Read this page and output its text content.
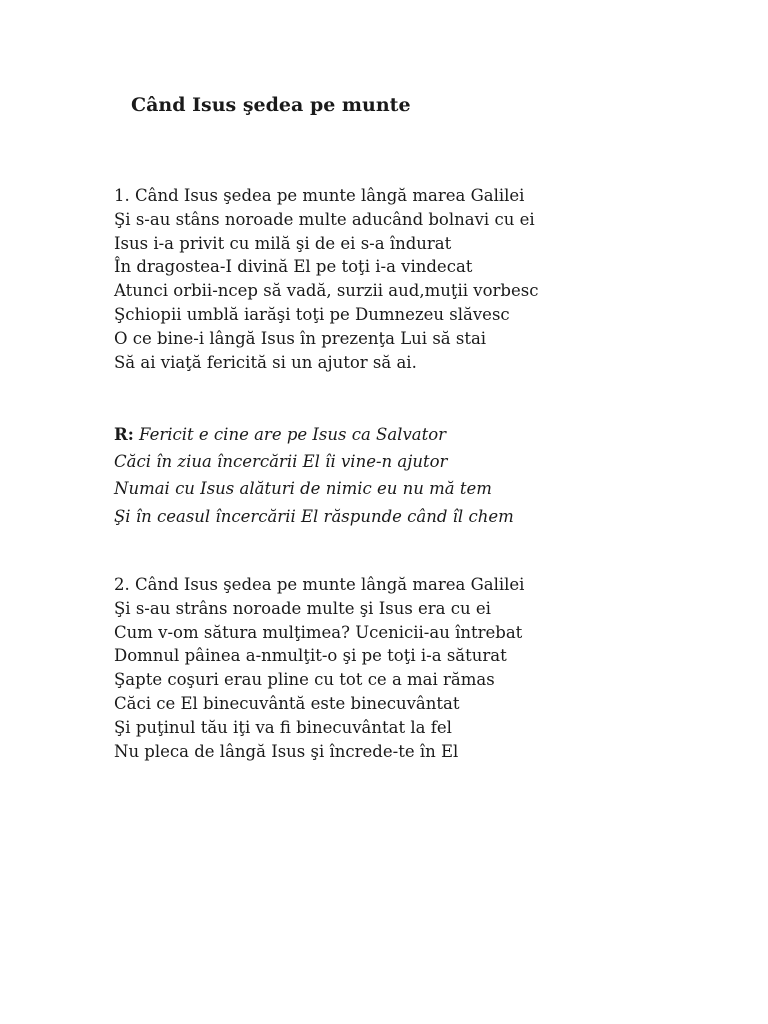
Când Isus şedea pe munte
1. Când Isus şedea pe munte lângă marea Galilei
Şi s-au stâns noroade multe aducând bolnavi cu ei
Isus i-a privit cu milă şi de ei s-a îndurat
În dragostea-I divină El pe toţi i-a vindecat
Atunci orbii-ncep să vadă, surzii aud,muţii vorbesc
Şchiopii umblă iarăşi toţi pe Dumnezeu slăvesc
O ce bine-i lângă Isus în prezenţa Lui să stai
Să ai viaţă fericită si un ajutor să ai.
R: Fericit e cine are pe Isus ca Salvator
Căci în ziua încercării El îi vine-n ajutor
Numai cu Isus alături de nimic eu nu mă tem
Şi în ceasul încercării El răspunde când îl chem
2. Când Isus şedea pe munte lângă marea Galilei
Şi s-au strâns noroade multe şi Isus era cu ei
Cum v-om sătura mulţimea? Ucenicii-au întrebat
Domnul pâinea a-nmulţit-o şi pe toţi i-a săturat
Şapte coşuri erau pline cu tot ce a mai rămas
Căci ce El binecuvântă este binecuvântat
Şi puţinul tău iţi va fi binecuvântat la fel
Nu pleca de lângă Isus şi încrede-te în El
